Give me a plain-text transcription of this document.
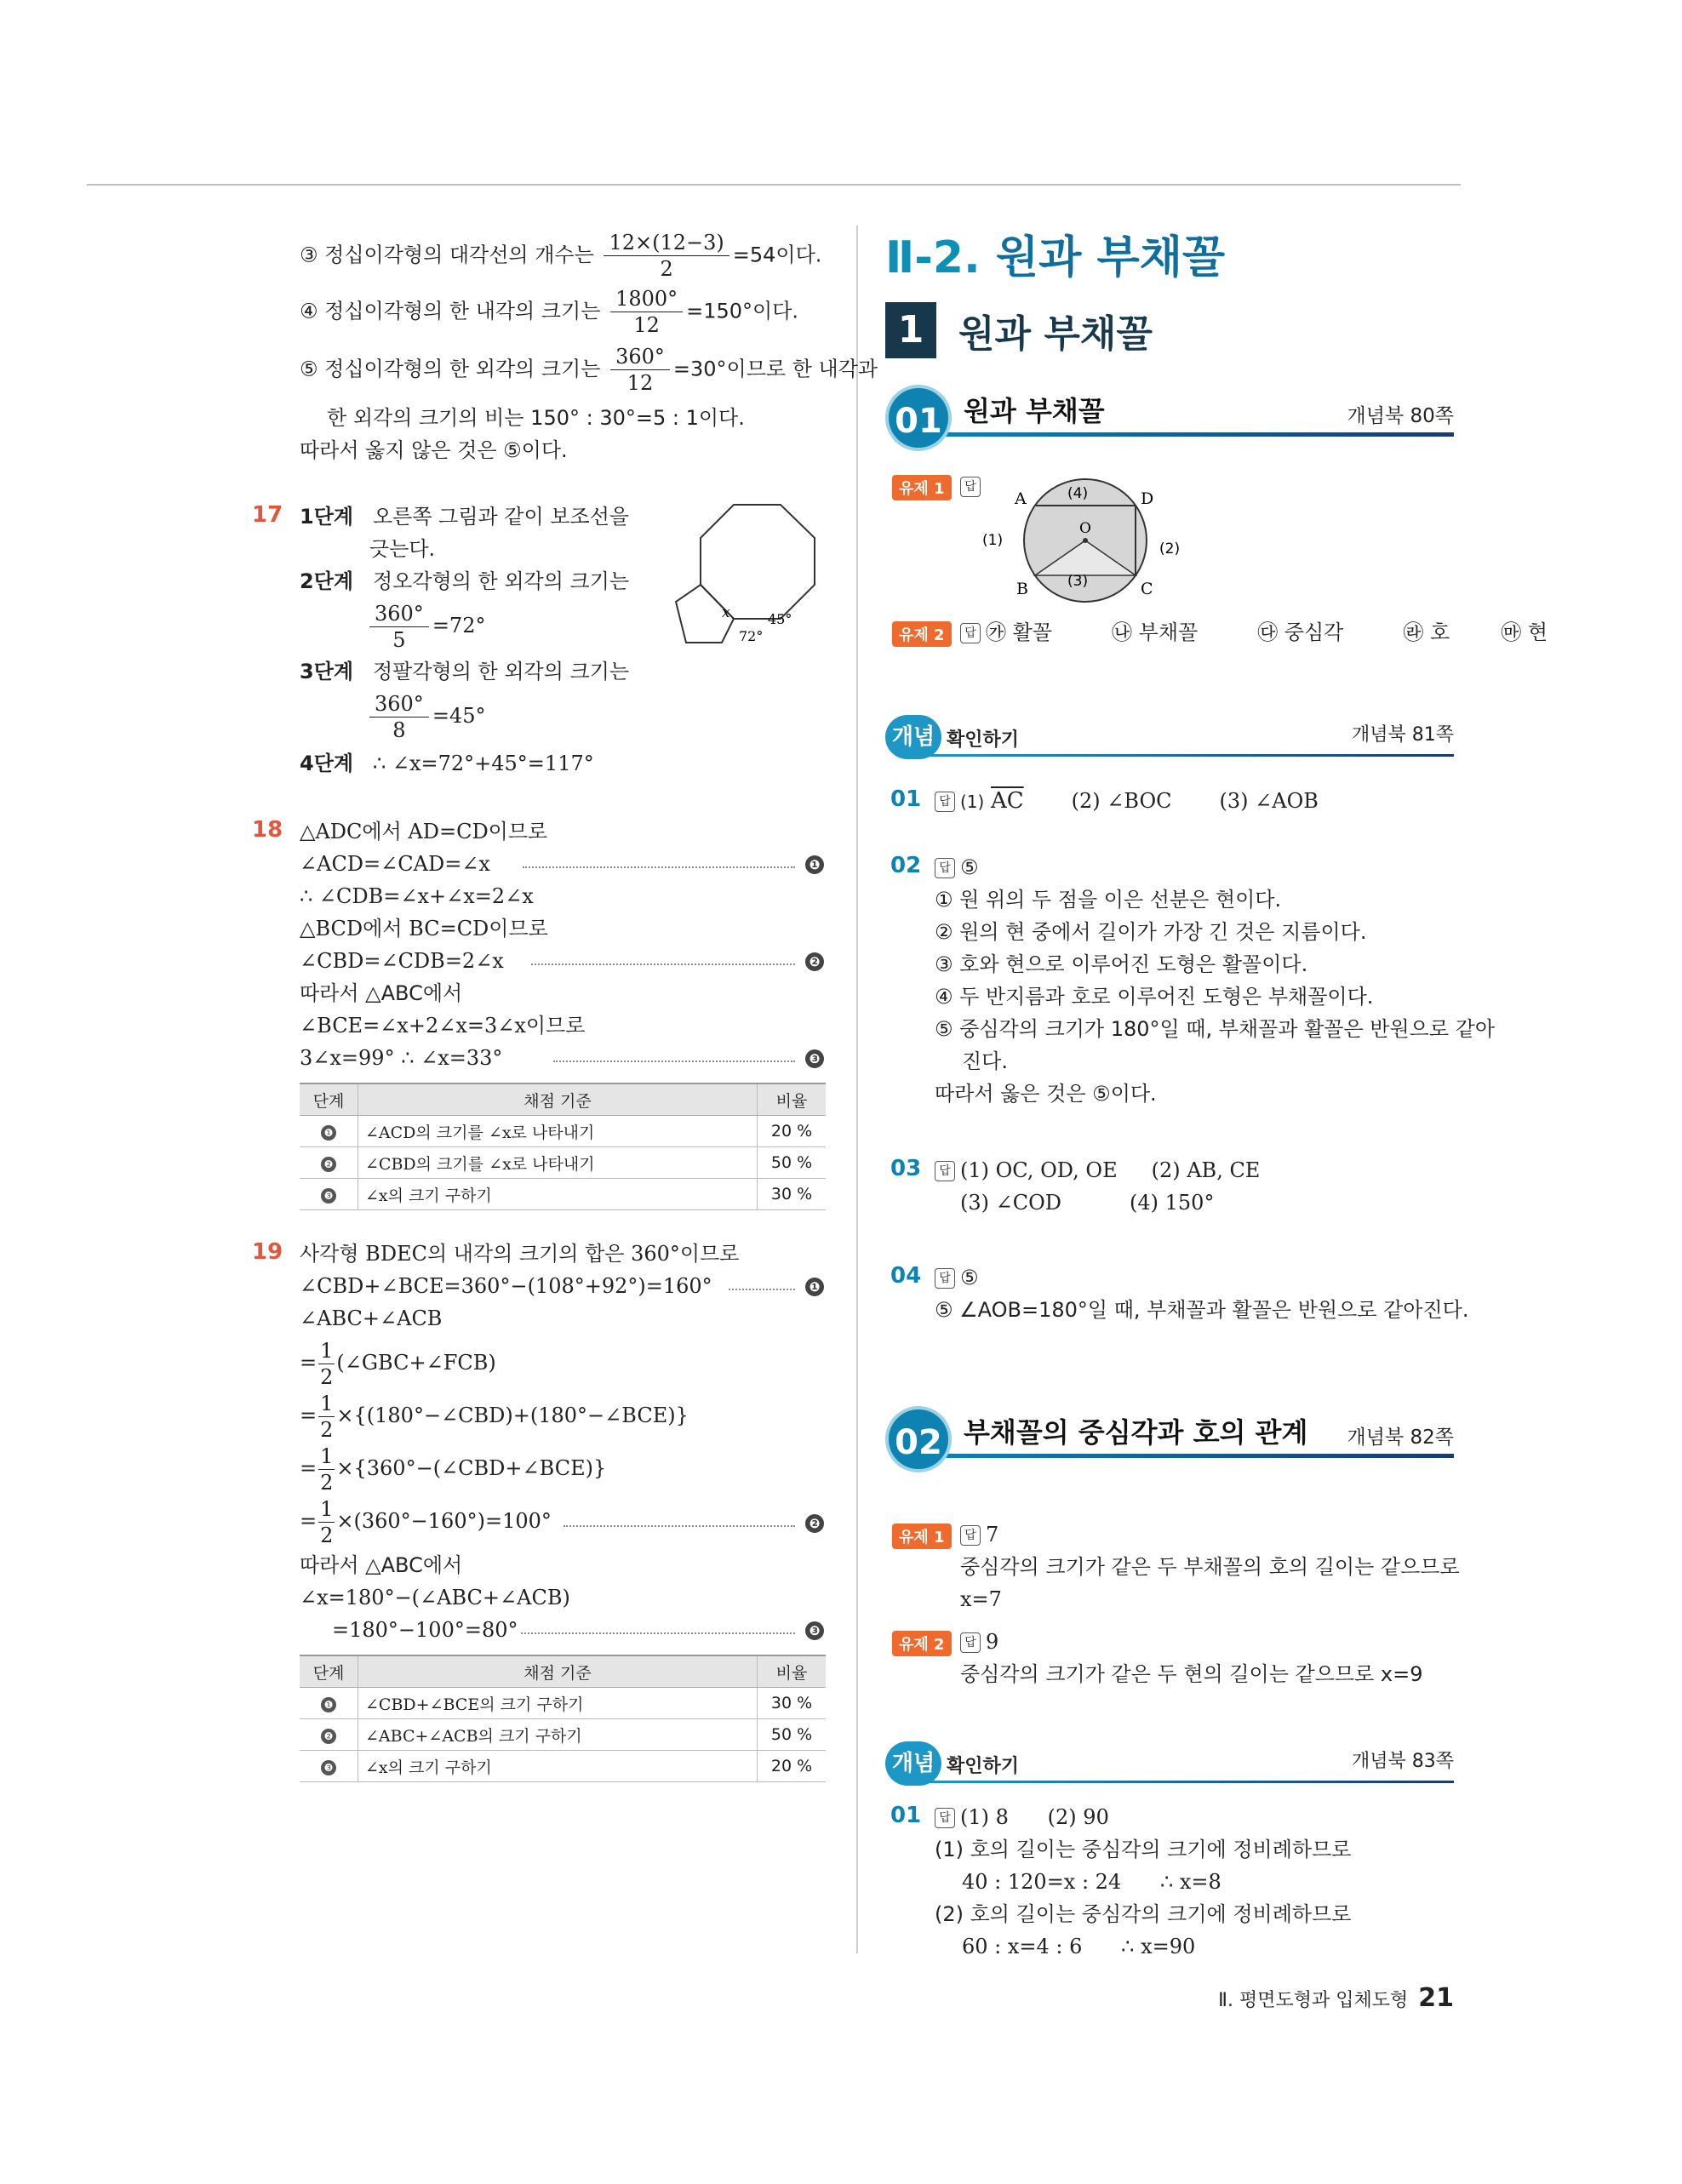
③ 정십이각형의 대각선의 개수는 $\frac{12\times(12-3)}{2} =54$이다.
④ 정십이각형의 한 내각의 크기는 $\frac{1800^\circ}{12} =150^\circ$이다.
⑤ 정십이각형의 한 외각의 크기는 $\frac{360^\circ}{12} =30^\circ$이므로 한 내각과
한 외각의 크기의 비는 150° : 30°=5 : 1이다.
따라서 옳지 않은 것은 ⑤이다.
17 1단계 오른쪽 그림과 같이 보조선을
긋는다.
2단계 정오각형의 한 외각의 크기는
$\frac{360^\circ}{5} =72^\circ$
3단계 정팔각형의 한 외각의 크기는
$\frac{360^\circ}{8} =45^\circ$
4단계 ∴ ∠x=72°+45°=117°
x	45°
72°
18 △ADC에서 AD=CD이므로
∠ACD=∠CAD=∠x	❶
∴ ∠CDB=∠x+∠x=2∠x
△BCD에서 BC=CD이므로
∠CBD=∠CDB=2∠x	❷
따라서 △ABC에서
∠BCE=∠x+2∠x=3∠x이므로
3∠x=99° ∴ ∠x=33°	❸
단계	채점 기준	비율
❶	∠ACD의 크기를 ∠x로 나타내기	20 %
❷	∠CBD의 크기를 ∠x로 나타내기	50 %
❸	∠x의 크기 구하기	30 %
19 사각형 BDEC의 내각의 크기의 합은 360°이므로
∠CBD+∠BCE=360°−(108°+92°)=160°	❶
∠ABC+∠ACB
= $\frac{1}{2}$ (∠GBC+∠FCB)
= $\frac{1}{2}$ ×{(180°−∠CBD)+(180°−∠BCE)}
= $\frac{1}{2}$ ×{360°−(∠CBD+∠BCE)}
= $\frac{1}{2} \times(360^\circ-160^\circ)=100^\circ$	❷
따라서 △ABC에서
∠x=180°−(∠ABC+∠ACB)
=180°−100°=80°	❸
단계	채점 기준	비율
❶	∠CBD+∠BCE의 크기 구하기	30 %
❷	∠ABC+∠ACB의 크기 구하기	50 %
❸	∠x의 크기 구하기	20 %
Ⅱ-2. 원과 부채꼴
1 원과 부채꼴
01 원과 부채꼴	개념북 80쪽
유제 1	답
A	D
O
B	C
(4)
(1)	(2)
(3)
유제 2	답 ㉮ 활꼴	㉯ 부채꼴	㉰ 중심각	㉱ 호	㉲ 현
개념 확인하기	개념북 81쪽
01	답 (1) $\overline{AC}$ (2) ∠BOC (3) ∠AOB
02	답 ⑤
① 원 위의 두 점을 이은 선분은 현이다.
② 원의 현 중에서 길이가 가장 긴 것은 지름이다.
③ 호와 현으로 이루어진 도형은 활꼴이다.
④ 두 반지름과 호로 이루어진 도형은 부채꼴이다.
⑤ 중심각의 크기가 180°일 때, 부채꼴과 활꼴은 반원으로 같아
진다.
따라서 옳은 것은 ⑤이다.
03	답 (1) OC, OD, OE (2) AB, CE
(3) ∠COD	(4) 150°
04	답 ⑤
⑤ ∠AOB=180°일 때, 부채꼴과 활꼴은 반원으로 같아진다.
02 부채꼴의 중심각과 호의 관계 개념북 82쪽
유제 1	답 7
중심각의 크기가 같은 두 부채꼴의 호의 길이는 같으므로
x=7
유제 2	답 9
중심각의 크기가 같은 두 현의 길이는 같으므로 x=9
개념 확인하기	개념북 83쪽
01	답 (1) 8      (2) 90
(1) 호의 길이는 중심각의 크기에 정비례하므로
40 : 120=x : 24      ∴ x=8
(2) 호의 길이는 중심각의 크기에 정비례하므로
60 : x=4 : 6      ∴ x=90
Ⅱ. 평면도형과 입체도형 21
